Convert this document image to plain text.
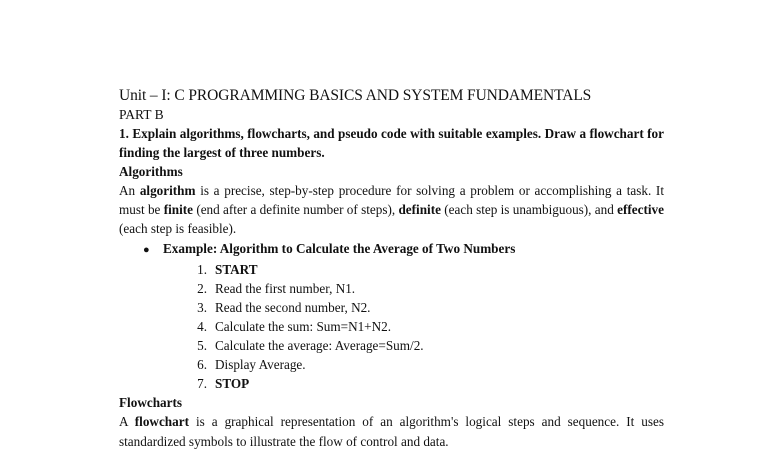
Unit – I: C PROGRAMMING BASICS AND SYSTEM FUNDAMENTALS
PART B

1. Explain algorithms, flowcharts, and pseudo code with suitable examples. Draw a flowchart for finding the largest of three numbers.

Algorithms

An algorithm is a precise, step-by-step procedure for solving a problem or accomplishing a task. It must be finite (end after a definite number of steps), definite (each step is unambiguous), and effective (each step is feasible).

●	Example: Algorithm to Calculate the Average of Two Numbers
1. START
2. Read the first number, N1.
3. Read the second number, N2.
4. Calculate the sum: Sum=N1+N2.
5. Calculate the average: Average=Sum/2.
6. Display Average.
7. STOP
Flowcharts

A flowchart is a graphical representation of an algorithm's logical steps and sequence. It uses standardized symbols to illustrate the flow of control and data.
